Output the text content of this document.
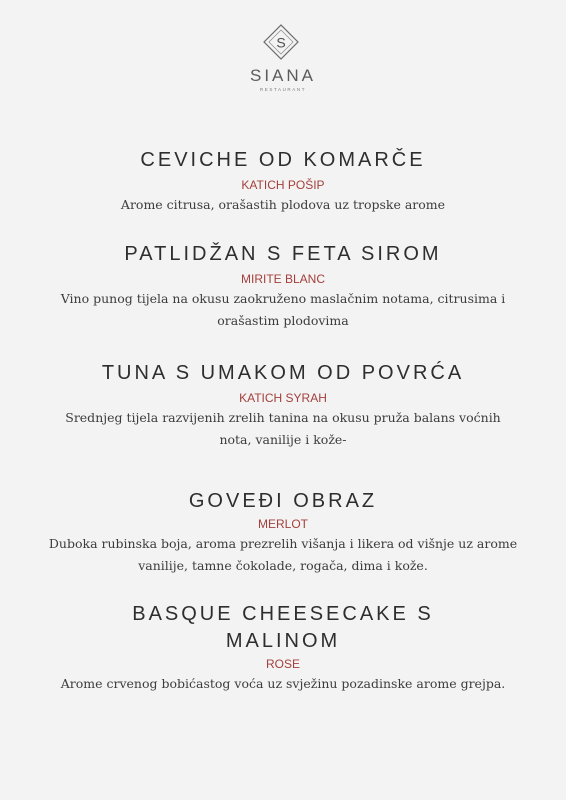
S
SIANA
RESTAURANT

CEVICHE OD KOMARČE

KATICH POŠIP

Arome citrusa, orašastih plodova uz tropske arome

PATLIDŽAN S FETA SIROM

MIRITE BLANC

Vino punog tijela na okusu zaokruženo maslačnim notama, citrusima i orašastim plodovima

TUNA S UMAKOM OD POVRĆA

KATICH SYRAH

Srednjeg tijela razvijenih zrelih tanina na okusu pruža balans voćnih nota, vanilije i kože-

GOVEĐI OBRAZ

MERLOT

Duboka rubinska boja, aroma prezrelih višanja i likera od višnje uz arome vanilije, tamne čokolade, rogača, dima i kože.

BASQUE CHEESECAKE S MALINOM

ROSE

Arome crvenog bobićastog voća uz svježinu pozadinske arome grejpa.
